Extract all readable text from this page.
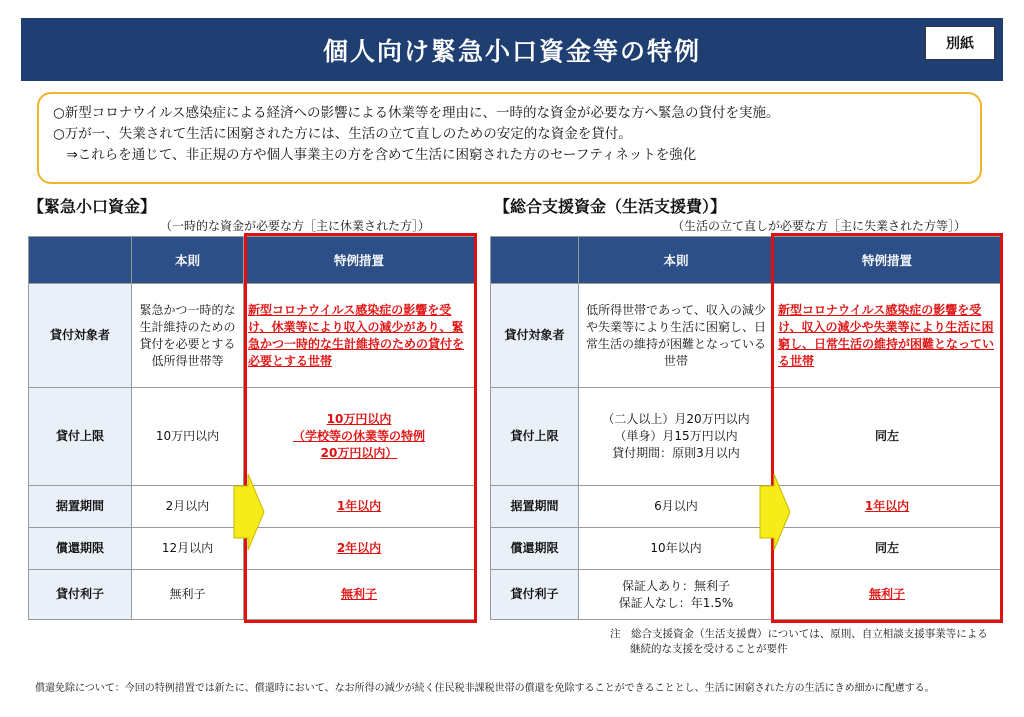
個人向け緊急小口資金等の特例	別紙
○新型コロナウイルス感染症による経済への影響による休業等を理由に、一時的な資金が必要な方へ緊急の貸付を実施。
○万が一、失業されて生活に困窮された方には、生活の立て直しのための安定的な資金を貸付。
　⇒これらを通じて、非正規の方や個人事業主の方を含めて生活に困窮された方のセーフティネットを強化
【緊急小口資金】
（一時的な資金が必要な方［主に休業された方］）
	本則	特例措置
貸付対象者	緊急かつ一時的な生計維持のための貸付を必要とする低所得世帯等	新型コロナウイルス感染症の影響を受け、休業等により収入の減少があり、緊急かつ一時的な生計維持のための貸付を必要とする世帯
貸付上限	10万円以内	10万円以内
（学校等の休業等の特例
20万円以内）

据置期間	2月以内	1年以内
償還期限	12月以内	2年以内
貸付利子	無利子	無利子
【総合支援資金（生活支援費）】
（生活の立て直しが必要な方［主に失業された方等］）
	本則	特例措置
貸付対象者	低所得世帯であって、収入の減少や失業等により生活に困窮し、日常生活の維持が困難となっている世帯	新型コロナウイルス感染症の影響を受け、収入の減少や失業等により生活に困窮し、日常生活の維持が困難となっている世帯
貸付上限	（二人以上）月20万円以内
（単身）月15万円以内
貸付期間：原則3月以内	同左
据置期間	6月以内	1年以内
償還期限	10年以内	同左
貸付利子	保証人あり：無利子
保証人なし：年1.5%	無利子
注　総合支援資金（生活支援費）については、原則、自立相談支援事業等による
継続的な支援を受けることが要件
償還免除について：今回の特例措置では新たに、償還時において、なお所得の減少が続く住民税非課税世帯の償還を免除することができることとし、生活に困窮された方の生活にきめ細かに配慮する。
